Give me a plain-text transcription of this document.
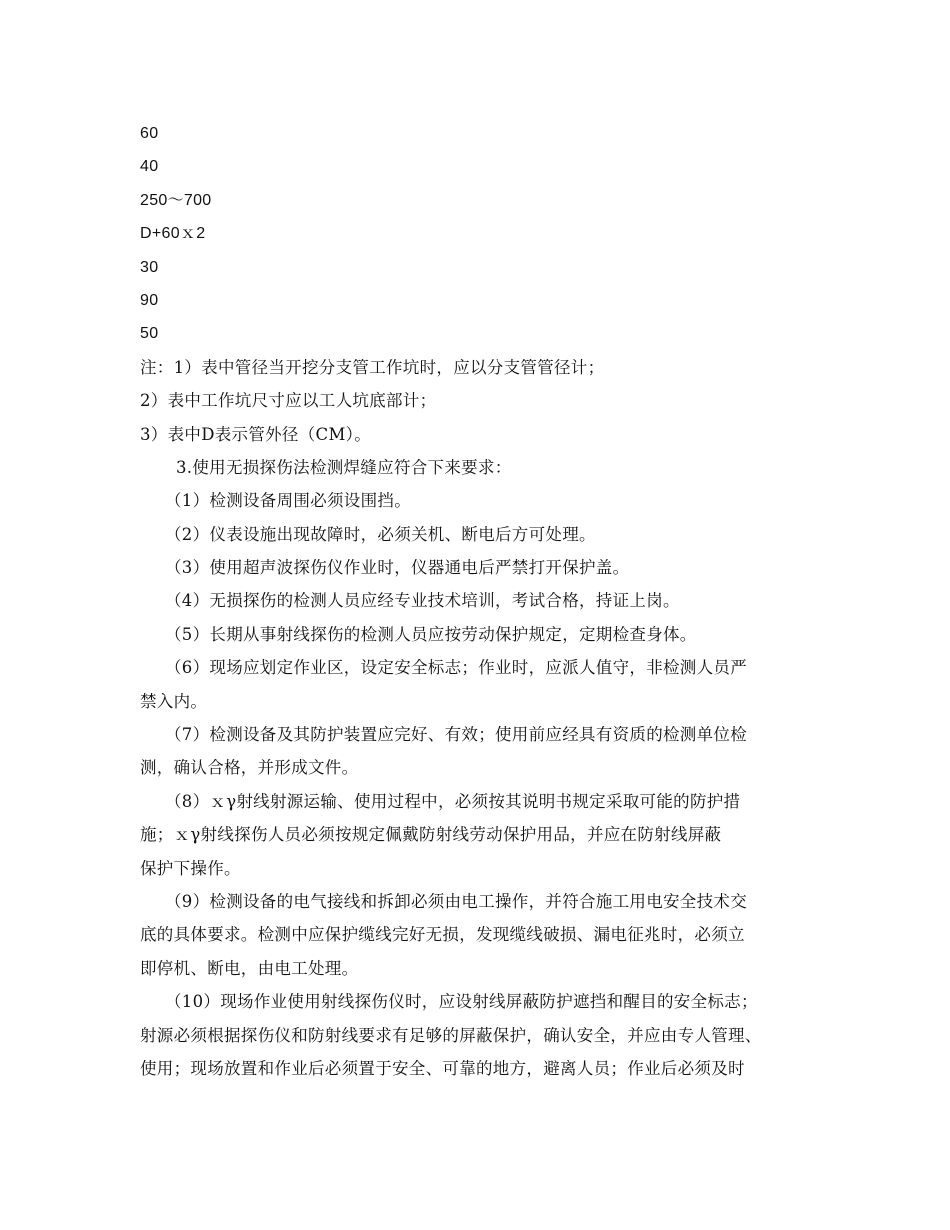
60
40
250～700
D+60ｘ2
30
90
50
注：1）表中管径当开挖分支管工作坑时，应以分支管管径计；
2）表中工作坑尺寸应以工人坑底部计；
3）表中D表示管外径（CM）。
3.使用无损探伤法检测焊缝应符合下来要求：
（1）检测设备周围必须设围挡。
（2）仪表设施出现故障时，必须关机、断电后方可处理。
（3）使用超声波探伤仪作业时，仪器通电后严禁打开保护盖。
（4）无损探伤的检测人员应经专业技术培训，考试合格，持证上岗。
（5）长期从事射线探伤的检测人员应按劳动保护规定，定期检查身体。
（6）现场应划定作业区，设定安全标志；作业时，应派人值守，非检测人员严
禁入内。
（7）检测设备及其防护装置应完好、有效；使用前应经具有资质的检测单位检
测，确认合格，并形成文件。
（8）ｘγ射线射源运输、使用过程中，必须按其说明书规定采取可能的防护措
施；ｘγ射线探伤人员必须按规定佩戴防射线劳动保护用品，并应在防射线屏蔽
保护下操作。
（9）检测设备的电气接线和拆卸必须由电工操作，并符合施工用电安全技术交
底的具体要求。检测中应保护缆线完好无损，发现缆线破损、漏电征兆时，必须立
即停机、断电，由电工处理。
（10）现场作业使用射线探伤仪时，应设射线屏蔽防护遮挡和醒目的安全标志；
射源必须根据探伤仪和防射线要求有足够的屏蔽保护，确认安全，并应由专人管理、
使用；现场放置和作业后必须置于安全、可靠的地方，避离人员；作业后必须及时
